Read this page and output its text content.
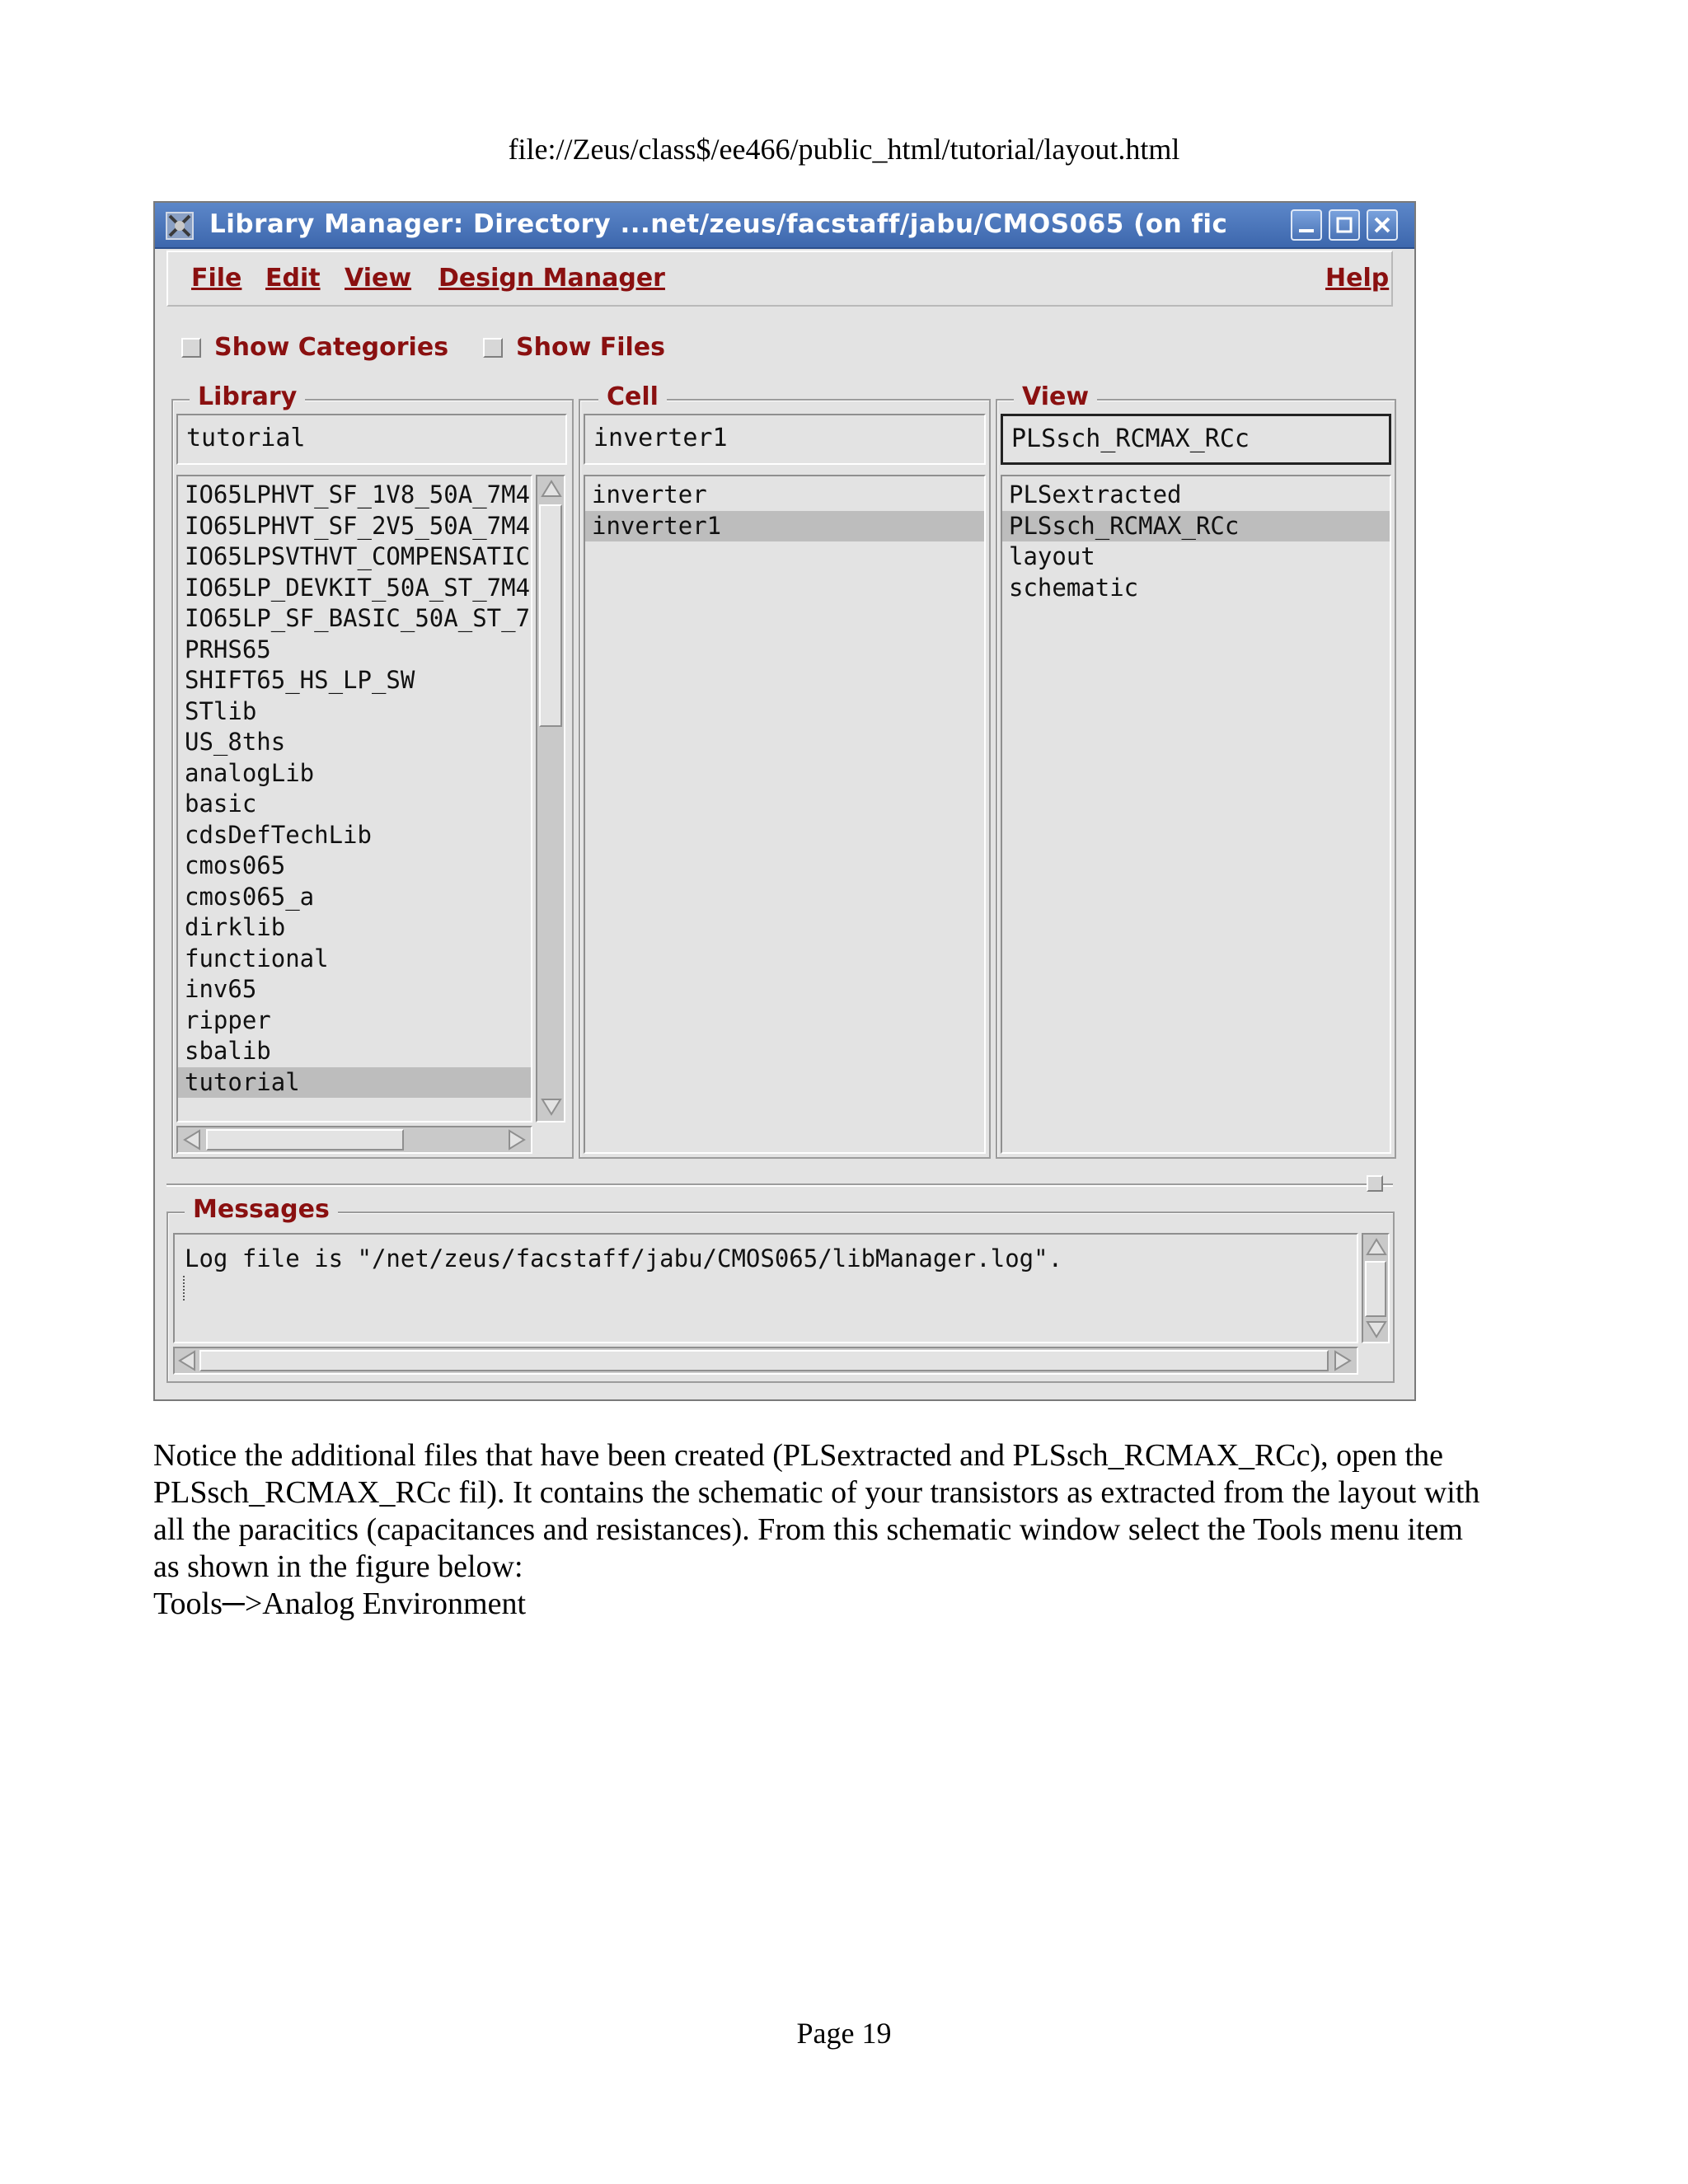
file://Zeus/class$/ee466/public_html/tutorial/layout.html
Library Manager: Directory ...net/zeus/facstaff/jabu/CMOS065 (on fic
File Edit View Design Manager	Help
Show Categories	Show Files
Library
tutorial
IO65LPHVT_SF_1V8_50A_7M4
IO65LPHVT_SF_2V5_50A_7M4
IO65LPSVTHVT_COMPENSATIC
IO65LP_DEVKIT_50A_ST_7M4
IO65LP_SF_BASIC_50A_ST_7
PRHS65
SHIFT65_HS_LP_SW
STlib
US_8ths
analogLib
basic
cdsDefTechLib
cmos065
cmos065_a
dirklib
functional
inv65
ripper
sbalib
tutorial
Cell
inverter1
inverter
inverter1
View
PLSsch_RCMAX_RCc
PLSextracted
PLSsch_RCMAX_RCc
layout
schematic
Messages
Log file is "/net/zeus/facstaff/jabu/CMOS065/libManager.log".
Notice the additional files that have been created (PLSextracted and PLSsch_RCMAX_RCc), open the
PLSsch_RCMAX_RCc fil). It contains the schematic of your transistors as extracted from the layout with
all the paracitics (capacitances and resistances). From this schematic window select the Tools menu item
as shown in the figure below:
Tools─>Analog Environment
Page 19
